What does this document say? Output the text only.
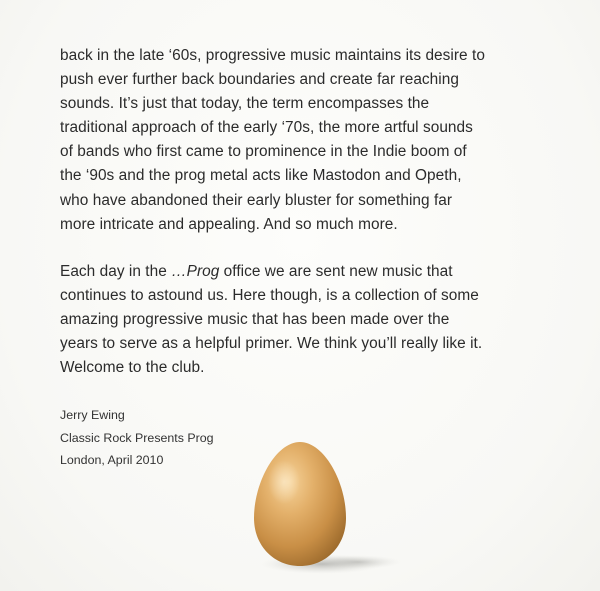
back in the late ‘60s, progressive music maintains its desire to
push ever further back boundaries and create far reaching
sounds. It’s just that today, the term encompasses the
traditional approach of the early ‘70s, the more artful sounds
of bands who first came to prominence in the Indie boom of
the ‘90s and the prog metal acts like Mastodon and Opeth,
who have abandoned their early bluster for something far
more intricate and appealing. And so much more.
Each day in the …Prog office we are sent new music that
continues to astound us. Here though, is a collection of some
amazing progressive music that has been made over the
years to serve as a helpful primer. We think you’ll really like it.
Welcome to the club.
Jerry Ewing
Classic Rock Presents Prog
London, April 2010
